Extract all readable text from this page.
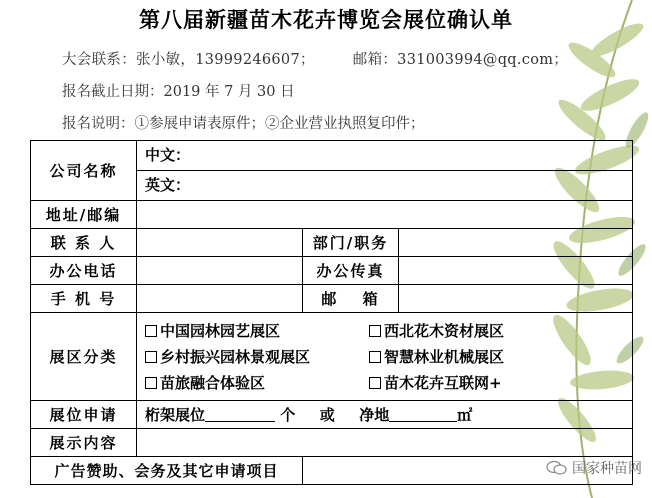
第八届新疆苗木花卉博览会展位确认单
大会联系：张小敏，13999246607；	邮箱：331003994@qq.com；
报名截止日期：2019 年 7 月 30 日
报名说明：①参展申请表原件；②企业营业执照复印件；
公司名称	中文：
英文：		

地址/邮编			
联 系 人		部门/职务	
办公电话		办公传真	
手 机 号		邮　 箱	
展区分类	中国园林园艺展区 西北花木资材展区
乡村振兴园林景观展区 智慧林业机械展区
苗旅融合体验区 苗木花卉互联网+		

展位申请	桁架展位 个 或 净地 ㎡		
展示内容			
广告赞助、会务及其它申请项目				国家种苗网
